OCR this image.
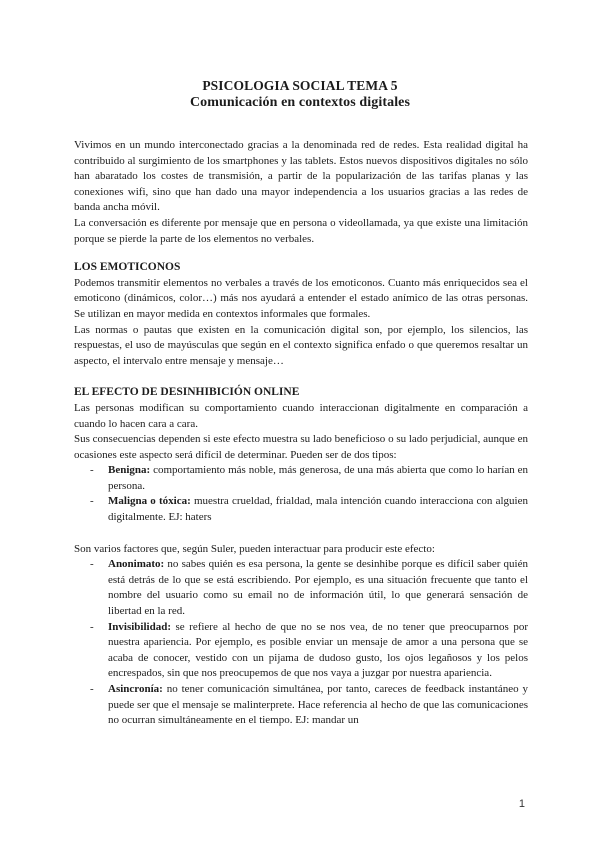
PSICOLOGIA SOCIAL TEMA 5
Comunicación en contextos digitales

Vivimos en un mundo interconectado gracias a la denominada red de redes. Esta realidad digital ha contribuido al surgimiento de los smartphones y las tablets. Estos nuevos dispositivos digitales no sólo han abaratado los costes de transmisión, a partir de la popularización de las tarifas planas y las conexiones wifi, sino que han dado una mayor independencia a los usuarios gracias a las redes de banda ancha móvil.

La conversación es diferente por mensaje que en persona o videollamada, ya que existe una limitación porque se pierde la parte de los elementos no verbales.

LOS EMOTICONOS

Podemos transmitir elementos no verbales a través de los emoticonos. Cuanto más enriquecidos sea el emoticono (dinámicos, color…) más nos ayudará a entender el estado anímico de las otras personas. Se utilizan en mayor medida en contextos informales que formales.

Las normas o pautas que existen en la comunicación digital son, por ejemplo, los silencios, las respuestas, el uso de mayúsculas que según en el contexto significa enfado o que queremos resaltar un aspecto, el intervalo entre mensaje y mensaje…

EL EFECTO DE DESINHIBICIÓN ONLINE

Las personas modifican su comportamiento cuando interaccionan digitalmente en comparación a cuando lo hacen cara a cara.

Sus consecuencias dependen si este efecto muestra su lado beneficioso o su lado perjudicial, aunque en ocasiones este aspecto será difícil de determinar. Pueden ser de dos tipos:

- Benigna: comportamiento más noble, más generosa, de una más abierta que como lo harían en persona.
- Maligna o tóxica: muestra crueldad, frialdad, mala intención cuando interacciona con alguien digitalmente. EJ: haters

Son varios factores que, según Suler, pueden interactuar para producir este efecto:

- Anonimato: no sabes quién es esa persona, la gente se desinhibe porque es difícil saber quién está detrás de lo que se está escribiendo. Por ejemplo, es una situación frecuente que tanto el nombre del usuario como su email no de información útil, lo que generará sensación de libertad en la red.
- Invisibilidad: se refiere al hecho de que no se nos vea, de no tener que preocuparnos por nuestra apariencia. Por ejemplo, es posible enviar un mensaje de amor a una persona que se acaba de conocer, vestido con un pijama de dudoso gusto, los ojos legañosos y los pelos encrespados, sin que nos preocupemos de que nos vaya a juzgar por nuestra apariencia.
- Asincronía: no tener comunicación simultánea, por tanto, careces de feedback instantáneo y puede ser que el mensaje se malinterprete. Hace referencia al hecho de que las comunicaciones no ocurran simultáneamente en el tiempo. EJ: mandar un
1
